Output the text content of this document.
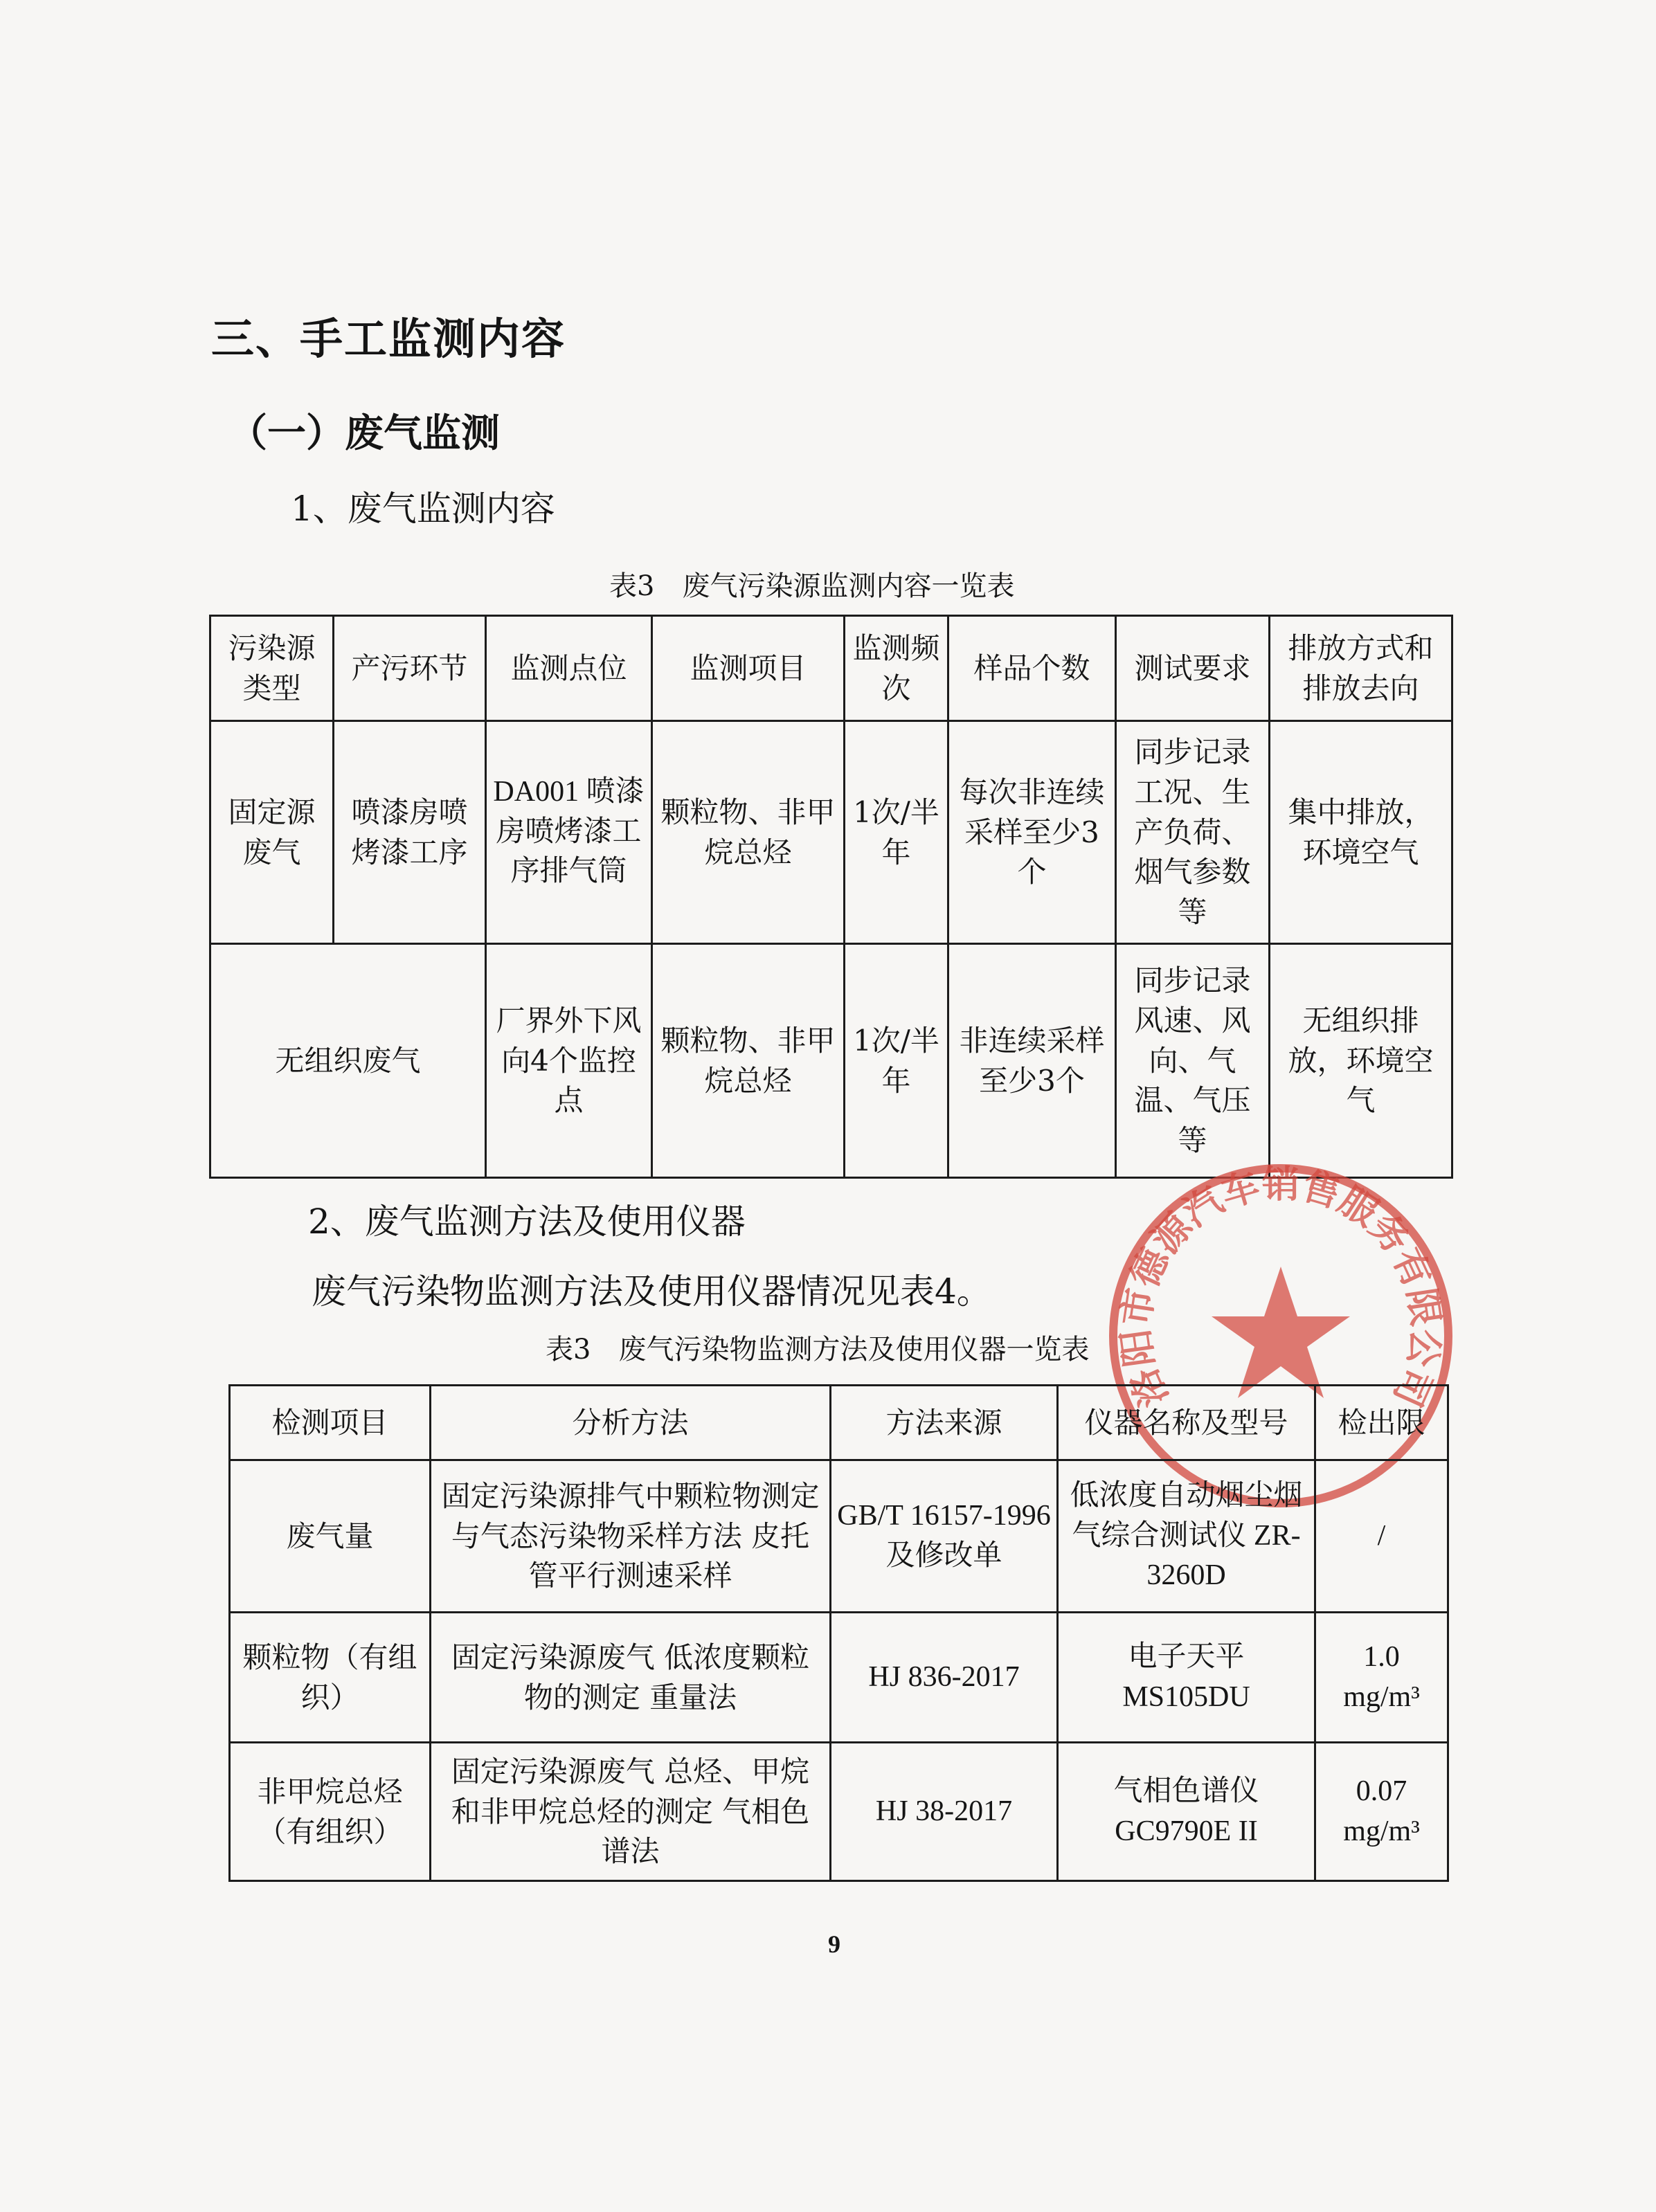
三、手工监测内容
（一）废气监测
1、废气监测内容
表3　废气污染源监测内容一览表
污染源类型	产污环节	监测点位	监测项目	监测频次	样品个数	测试要求	排放方式和排放去向
固定源废气	喷漆房喷烤漆工序	DA001 喷漆房喷烤漆工序排气筒	颗粒物、非甲烷总烃	1次/半年	每次非连续采样至少3个	同步记录工况、生产负荷、烟气参数等	集中排放，环境空气
无组织废气		厂界外下风向4个监控点	颗粒物、非甲烷总烃	1次/半年	非连续采样至少3个	同步记录风速、风向、气温、气压等	无组织排放，环境空气
2、废气监测方法及使用仪器
废气污染物监测方法及使用仪器情况见表4。
洛阳市德源汽车销售服务有限公司
表3　废气污染物监测方法及使用仪器一览表
检测项目	分析方法	方法来源	仪器名称及型号	检出限
废气量	固定污染源排气中颗粒物测定与气态污染物采样方法 皮托管平行测速采样	GB/T 16157-1996 及修改单	低浓度自动烟尘烟气综合测试仪 ZR-3260D	/
颗粒物（有组织）	固定污染源废气 低浓度颗粒物的测定 重量法	HJ 836-2017	电子天平 MS105DU	1.0 mg/m³
非甲烷总烃（有组织）	固定污染源废气 总烃、甲烷和非甲烷总烃的测定 气相色谱法	HJ 38-2017	气相色谱仪 GC9790E II	0.07 mg/m³
9
